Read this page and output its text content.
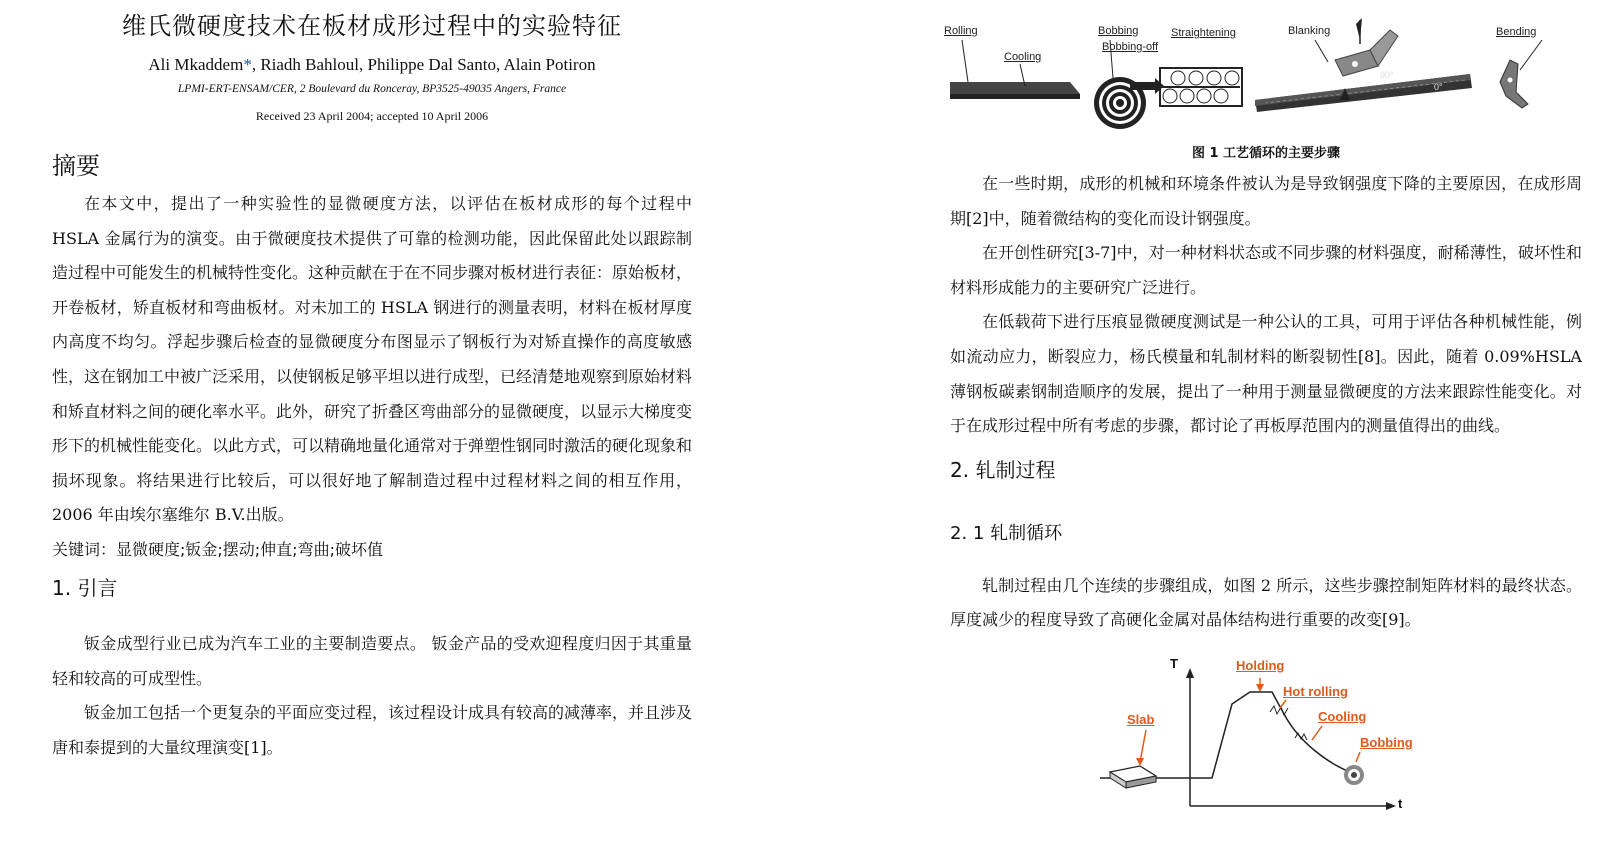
维氏微硬度技术在板材成形过程中的实验特征
Ali Mkaddem*, Riadh Bahloul, Philippe Dal Santo, Alain Potiron
LPMI-ERT-ENSAM/CER, 2 Boulevard du Ronceray, BP3525-49035 Angers, France
Received 23 April 2004; accepted 10 April 2006
摘要

在本文中，提出了一种实验性的显微硬度方法，以评估在板材成形的每个过程中 HSLA 金属行为的演变。由于微硬度技术提供了可靠的检测功能，因此保留此处以跟踪制造过程中可能发生的机械特性变化。这种贡献在于在不同步骤对板材进行表征：原始板材，开卷板材，矫直板材和弯曲板材。对未加工的 HSLA 钢进行的测量表明，材料在板材厚度内高度不均匀。浮起步骤后检查的显微硬度分布图显示了钢板行为对矫直操作的高度敏感性，这在钢加工中被广泛采用，以使钢板足够平坦以进行成型，已经清楚地观察到原始材料和矫直材料之间的硬化率水平。此外，研究了折叠区弯曲部分的显微硬度，以显示大梯度变形下的机械性能变化。以此方式，可以精确地量化通常对于弹塑性钢同时激活的硬化现象和损坏现象。将结果进行比较后，可以很好地了解制造过程中过程材料之间的相互作用，2006 年由埃尔塞维尔 B.V.出版。

关键词：显微硬度;钣金;摆动;伸直;弯曲;破坏值
1. 引言

钣金成型行业已成为汽车工业的主要制造要点。 钣金产品的受欢迎程度归因于其重量轻和较高的可成型性。

钣金加工包括一个更复杂的平面应变过程，该过程设计成具有较高的减薄率，并且涉及唐和泰提到的大量纹理演变[1]。

Rolling
Cooling
Bobbing
Bobbing-off
Straightening	Blanking	Bending
90°
0°
图 1 工艺循环的主要步骤

在一些时期，成形的机械和环境条件被认为是导致钢强度下降的主要原因，在成形周期[2]中，随着微结构的变化而设计钢强度。

在开创性研究[3-7]中，对一种材料状态或不同步骤的材料强度，耐稀薄性，破坏性和材料形成能力的主要研究广泛进行。

在低载荷下进行压痕显微硬度测试是一种公认的工具，可用于评估各种机械性能，例如流动应力，断裂应力，杨氏模量和轧制材料的断裂韧性[8]。因此，随着 0.09%HSLA 薄钢板碳素钢制造顺序的发展，提出了一种用于测量显微硬度的方法来跟踪性能变化。对于在成形过程中所有考虑的步骤，都讨论了再板厚范围内的测量值得出的曲线。

2. 轧制过程
2. 1 轧制循环

轧制过程由几个连续的步骤组成，如图 2 所示，这些步骤控制矩阵材料的最终状态。厚度减少的程度导致了高硬化金属对晶体结构进行重要的改变[9]。

T
t
Holding
Hot rolling
Slab	Cooling
Bobbing
